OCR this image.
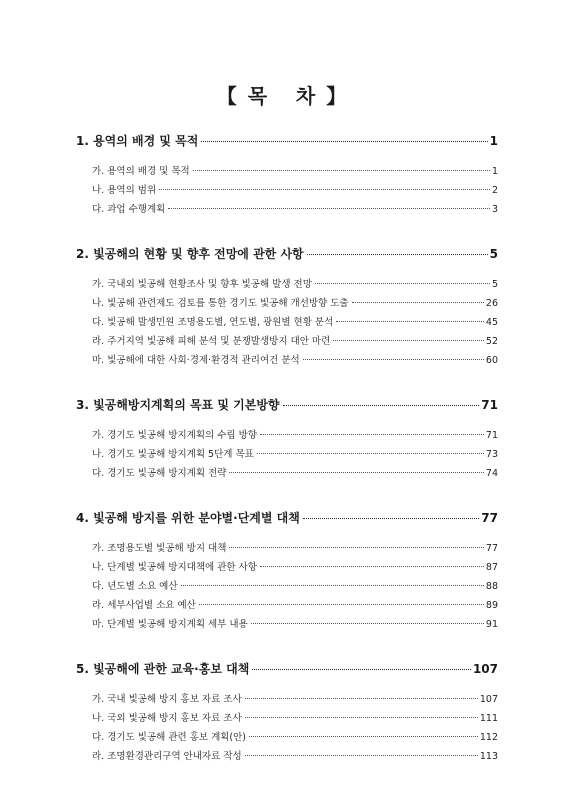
【 목   차 】
1. 용역의 배경 및 목적	1
가. 용역의 배경 및 목적	1
나. 용역의 범위	2
다. 과업 수행계획	3
2. 빛공해의 현황 및 향후 전망에 관한 사항	5
가. 국내외 빛공해 현황조사 및 향후 빛공해 발생 전망	5
나. 빛공해 관련제도 검토를 통한 경기도 빛공해 개선방향 도출	26
다. 빛공해 발생민원 조명용도별, 연도별, 광원별 현황 분석	45
라. 주거지역 빛공해 피해 분석 및 분쟁발생방지 대안 마련	52
마. 빛공해에 대한 사회·경제·환경적 관리여건 분석	60
3. 빛공해방지계획의 목표 및 기본방향	71
가. 경기도 빛공해 방지계획의 수립 방향	71
나. 경기도 빛공해 방지계획 5단계 목표	73
다. 경기도 빛공해 방지계획 전략	74
4. 빛공해 방지를 위한 분야별·단계별 대책	77
가. 조명용도별 빛공해 방지 대책	77
나. 단계별 빛공해 방지대책에 관한 사항	87
다. 년도별 소요 예산	88
라. 세부사업별 소요 예산	89
마. 단계별 빛공해 방지계획 세부 내용	91
5. 빛공해에 관한 교육·홍보 대책	107
가. 국내 빛공해 방지 홍보 자료 조사	107
나. 국외 빛공해 방지 홍보 자료 조사	111
다. 경기도 빛공해 관련 홍보 계획(안)	112
라. 조명환경관리구역 안내자료 작성	113
